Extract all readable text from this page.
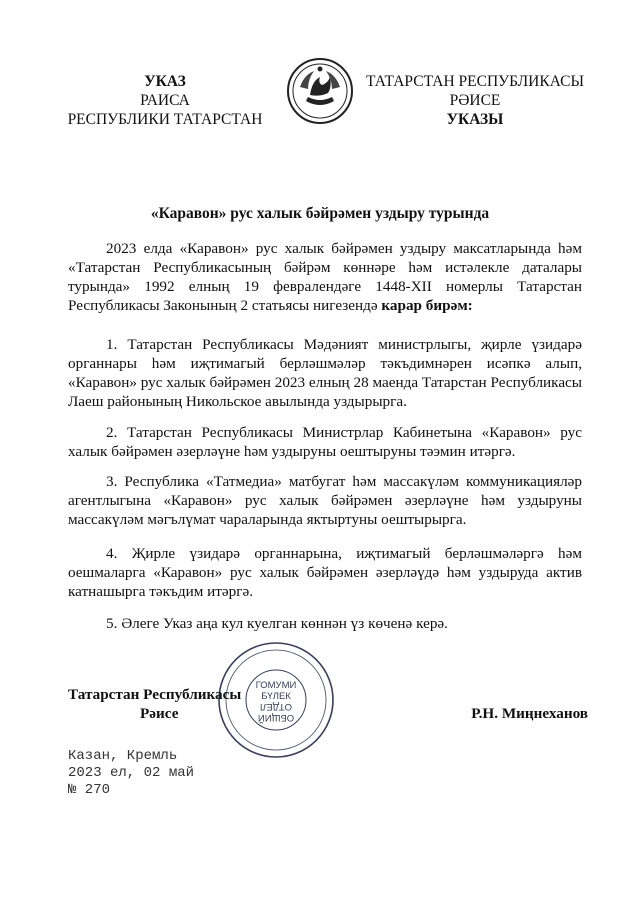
УКАЗ
РАИСА
РЕСПУБЛИКИ ТАТАРСТАН
ТАТАРСТАН РЕСПУБЛИКАСЫ
РӘИСЕ
УКАЗЫ
«Каравон» рус халык бәйрәмен уздыру турында

2023 елда «Каравон» рус халык бәйрәмен уздыру максатларында һәм «Татарстан Республикасының бәйрәм көннәре һәм истәлекле даталары турында» 1992 елның 19 февралендәге 1448-XII номерлы Татарстан Республикасы Законының 2 статьясы нигезендә карар бирәм:

1. Татарстан Республикасы Мәдәният министрлыгы, җирле үзидарә органнары һәм иҗтимагый берләшмәләр тәкъдимнәрен исәпкә алып, «Каравон» рус халык бәйрәмен 2023 елның 28 маенда Татарстан Республикасы Лаеш районының Никольское авылында уздырырга.

2. Татарстан Республикасы Министрлар Кабинетына «Каравон» рус халык бәйрәмен әзерләүне һәм уздыруны оештыруны тәэмин итәргә.

3. Республика «Татмедиа» матбугат һәм массакүләм коммуникацияләр агентлыгына «Каравон» рус халык бәйрәмен әзерләүне һәм уздыруны массакүләм мәгълүмат чараларында яктыртуны оештырырга.

4. Җирле үзидарә органнарына, иҗтимагый берләшмәләргә һәм оешмаларга «Каравон» рус халык бәйрәмен әзерләүдә һәм уздыруда актив катнашырга тәкъдим итәргә.

5. Әлеге Указ аңа кул куелган көннән үз көченә керә.

ГОМУМИ
БҮЛЕК
ОТДЕЛ
ОБЩИЙ
Татарстан Республикасы
Рәисе	Р.Н. Миңнеханов
Казан, Кремль
2023 ел, 02 май
№ 270
